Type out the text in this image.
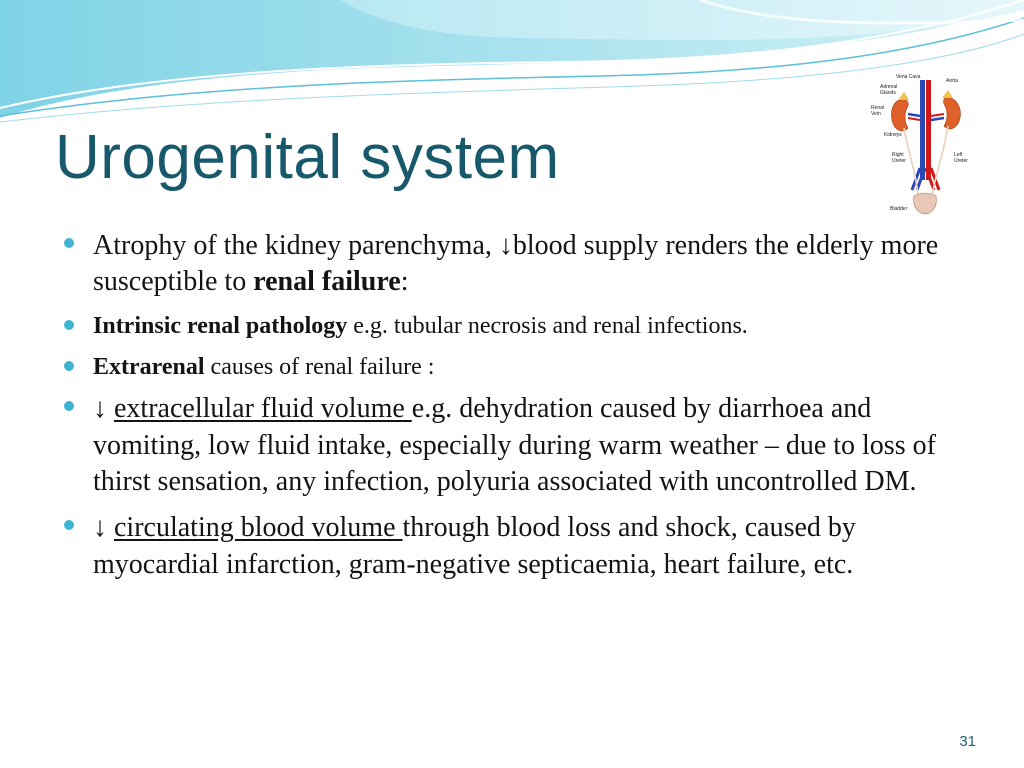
Urogenital system
Vena Cava
Aorta
Adrenal
Glands
Renal
Vein
Kidneys
Right
Ureter
Left
Ureter
Bladder
Atrophy of the kidney parenchyma, ↓blood supply renders the elderly more susceptible to renal failure:
Intrinsic renal pathology e.g. tubular necrosis and renal infections.
Extrarenal causes of renal failure :
↓ extracellular fluid volume e.g. dehydration caused by diarrhoea and vomiting, low fluid intake, especially during warm weather – due to loss of thirst sensation, any infection, polyuria associated with uncontrolled DM.
↓ circulating blood volume through blood loss and shock, caused by myocardial infarction, gram-negative septicaemia, heart failure, etc.
31
